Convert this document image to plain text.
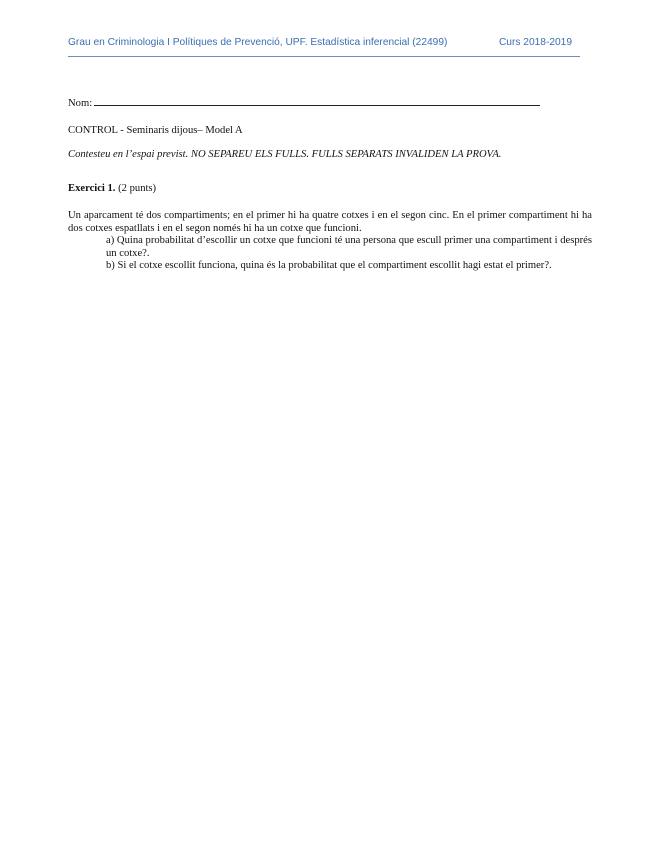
Grau en Criminologia I Polítiques de Prevenció, UPF. Estadística inferencial (22499)	Curs 2018-2019

Nom:

CONTROL - Seminaris dijous– Model A

Contesteu en l’espai previst. NO SEPAREU ELS FULLS. FULLS SEPARATS INVALIDEN LA PROVA.

Exercici 1. (2 punts)

Un aparcament té dos compartiments; en el primer hi ha quatre cotxes i en el segon cinc. En el primer compartiment hi ha dos cotxes espatllats i en el segon només hi ha un cotxe que funcioni.

a) Quina probabilitat d’escollir un cotxe que funcioni té una persona que escull primer una compartiment i després un cotxe?.

b) Si el cotxe escollit funciona, quina és la probabilitat que el compartiment escollit hagi estat el primer?.
